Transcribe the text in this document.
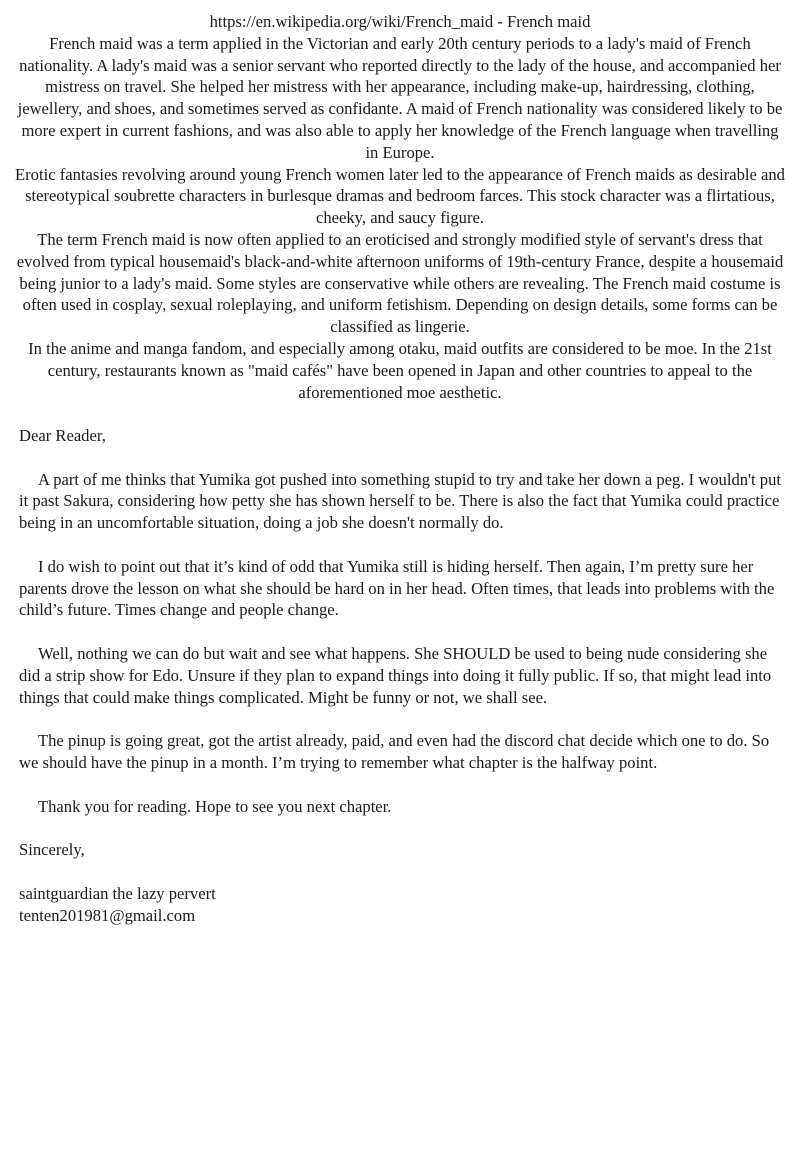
https://en.wikipedia.org/wiki/French_maid - French maid

French maid was a term applied in the Victorian and early 20th century periods to a lady's maid of French nationality. A lady's maid was a senior servant who reported directly to the lady of the house, and accompanied her mistress on travel. She helped her mistress with her appearance, including make-up, hairdressing, clothing, jewellery, and shoes, and sometimes served as confidante. A maid of French nationality was considered likely to be more expert in current fashions, and was also able to apply her knowledge of the French language when travelling in Europe.

Erotic fantasies revolving around young French women later led to the appearance of French maids as desirable and stereotypical soubrette characters in burlesque dramas and bedroom farces. This stock character was a flirtatious, cheeky, and saucy figure.

The term French maid is now often applied to an eroticised and strongly modified style of servant's dress that evolved from typical housemaid's black-and-white afternoon uniforms of 19th-century France, despite a housemaid being junior to a lady's maid. Some styles are conservative while others are revealing. The French maid costume is often used in cosplay, sexual roleplaying, and uniform fetishism. Depending on design details, some forms can be classified as lingerie.

In the anime and manga fandom, and especially among otaku, maid outfits are considered to be moe. In the 21st century, restaurants known as "maid cafés" have been opened in Japan and other countries to appeal to the aforementioned moe aesthetic.

Dear Reader,

A part of me thinks that Yumika got pushed into something stupid to try and take her down a peg. I wouldn't put it past Sakura, considering how petty she has shown herself to be. There is also the fact that Yumika could practice being in an uncomfortable situation, doing a job she doesn't normally do.

I do wish to point out that it’s kind of odd that Yumika still is hiding herself. Then again, I’m pretty sure her parents drove the lesson on what she should be hard on in her head. Often times, that leads into problems with the child’s future. Times change and people change.

Well, nothing we can do but wait and see what happens. She SHOULD be used to being nude considering she did a strip show for Edo. Unsure if they plan to expand things into doing it fully public. If so, that might lead into things that could make things complicated. Might be funny or not, we shall see.

The pinup is going great, got the artist already, paid, and even had the discord chat decide which one to do. So we should have the pinup in a month. I’m trying to remember what chapter is the halfway point.

Thank you for reading. Hope to see you next chapter.

Sincerely,

saintguardian the lazy pervert

tenten201981@gmail.com
